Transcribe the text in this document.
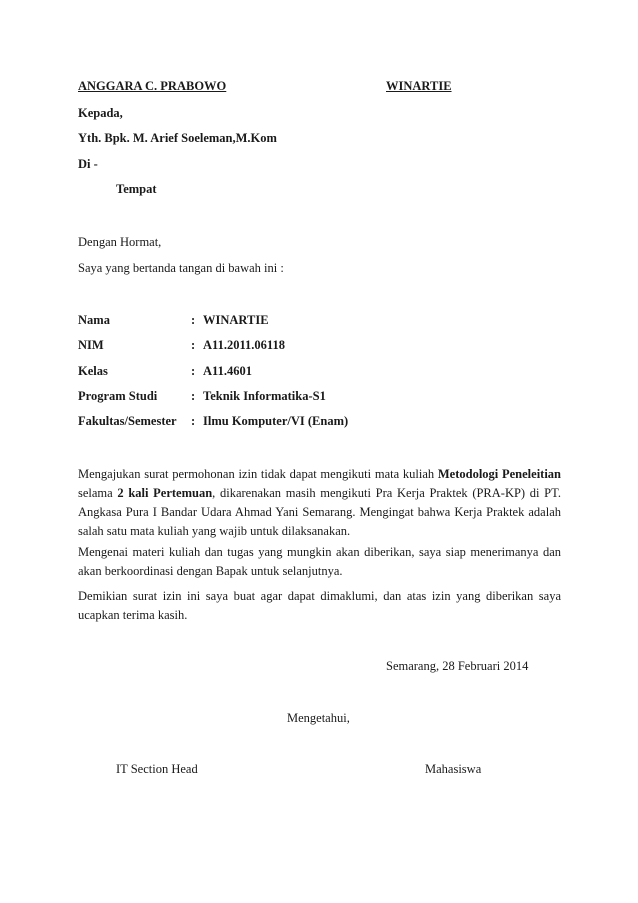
ANGGARA C. PRABOWO	WINARTIE
Kepada,
Yth. Bpk. M. Arief Soeleman,M.Kom
Di -
Tempat
Dengan Hormat,
Saya yang bertanda tangan di bawah ini :
Nama	: WINARTIE
NIM	: A11.2011.06118
Kelas	: A11.4601
Program Studi	: Teknik Informatika-S1
Fakultas/Semester : Ilmu Komputer/VI (Enam)

Mengajukan surat permohonan izin tidak dapat mengikuti mata kuliah Metodologi Peneleitian selama 2 kali Pertemuan, dikarenakan masih mengikuti Pra Kerja Praktek (PRA-KP) di PT. Angkasa Pura I Bandar Udara Ahmad Yani Semarang. Mengingat bahwa Kerja Praktek adalah salah satu mata kuliah yang wajib untuk dilaksanakan.

Mengenai materi kuliah dan tugas yang mungkin akan diberikan, saya siap menerimanya dan akan berkoordinasi dengan Bapak untuk selanjutnya.

Demikian surat izin ini saya buat agar dapat dimaklumi, dan atas izin yang diberikan saya ucapkan terima kasih.

Semarang, 28 Februari 2014
Mengetahui,
IT Section Head	Mahasiswa
